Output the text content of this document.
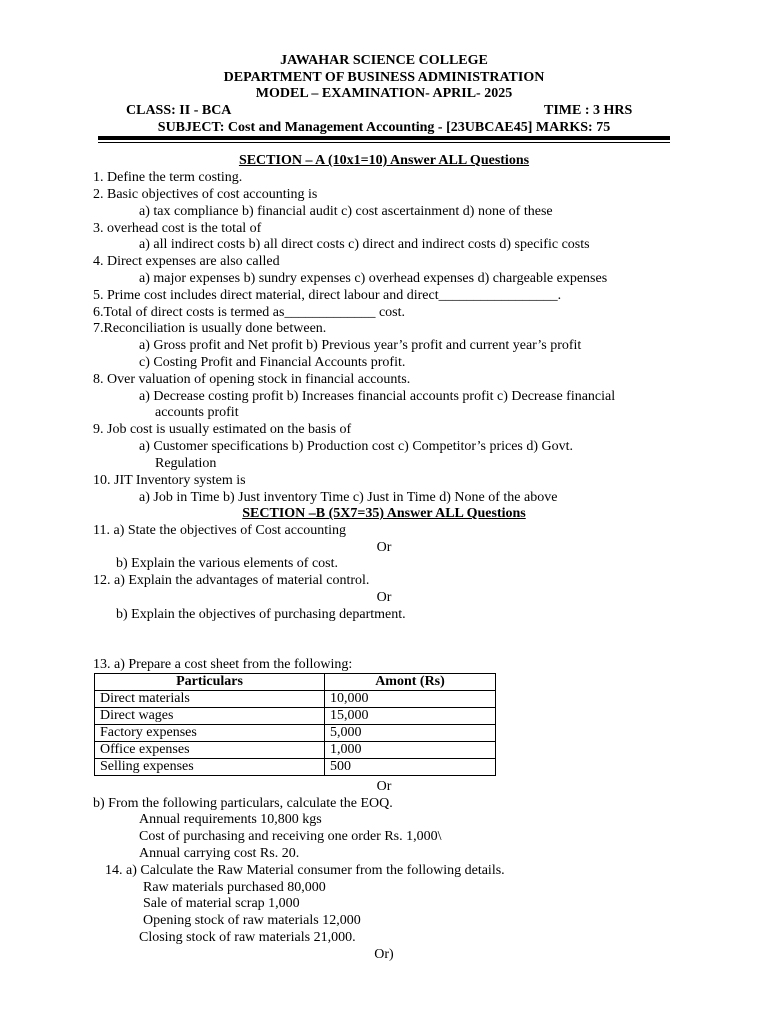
JAWAHAR SCIENCE COLLEGE
DEPARTMENT OF BUSINESS ADMINISTRATION
MODEL – EXAMINATION- APRIL- 2025
CLASS: II - BCA	TIME : 3 HRS
SUBJECT: Cost and Management Accounting - [23UBCAE45] MARKS: 75
SECTION – A (10x1=10) Answer ALL Questions
1. Define the term costing.
2. Basic objectives of cost accounting is
a) tax compliance b) financial audit c) cost ascertainment d) none of these
3. overhead cost is the total of
a) all indirect costs b) all direct costs c) direct and indirect costs d) specific costs
4. Direct expenses are also called
a) major expenses b) sundry expenses c) overhead expenses d) chargeable expenses
5. Prime cost includes direct material, direct labour and direct_________________.
6.Total of direct costs is termed as_____________ cost.
7.Reconciliation is usually done between.
a) Gross profit and Net profit b) Previous year’s profit and current year’s profit
c) Costing Profit and Financial Accounts profit.
8. Over valuation of opening stock in financial accounts.
a) Decrease costing profit b) Increases financial accounts profit c) Decrease financial
accounts profit
9. Job cost is usually estimated on the basis of
a) Customer specifications b) Production cost c) Competitor’s prices d) Govt.
Regulation
10. JIT Inventory system is
a) Job in Time b) Just inventory Time c) Just in Time d) None of the above
SECTION –B (5X7=35) Answer ALL Questions
11. a) State the objectives of Cost accounting
Or
b) Explain the various elements of cost.
12. a) Explain the advantages of material control.
Or
b) Explain the objectives of purchasing department.
13. a) Prepare a cost sheet from the following:
Particulars	Amont (Rs)
Direct materials	10,000
Direct wages	15,000
Factory expenses	5,000
Office expenses	1,000
Selling expenses	500
Or
b) From the following particulars, calculate the EOQ.
Annual requirements 10,800 kgs
Cost of purchasing and receiving one order Rs. 1,000\
Annual carrying cost Rs. 20.
14. a) Calculate the Raw Material consumer from the following details.
Raw materials purchased 80,000
Sale of material scrap 1,000
Opening stock of raw materials 12,000
Closing stock of raw materials 21,000.
Or)
